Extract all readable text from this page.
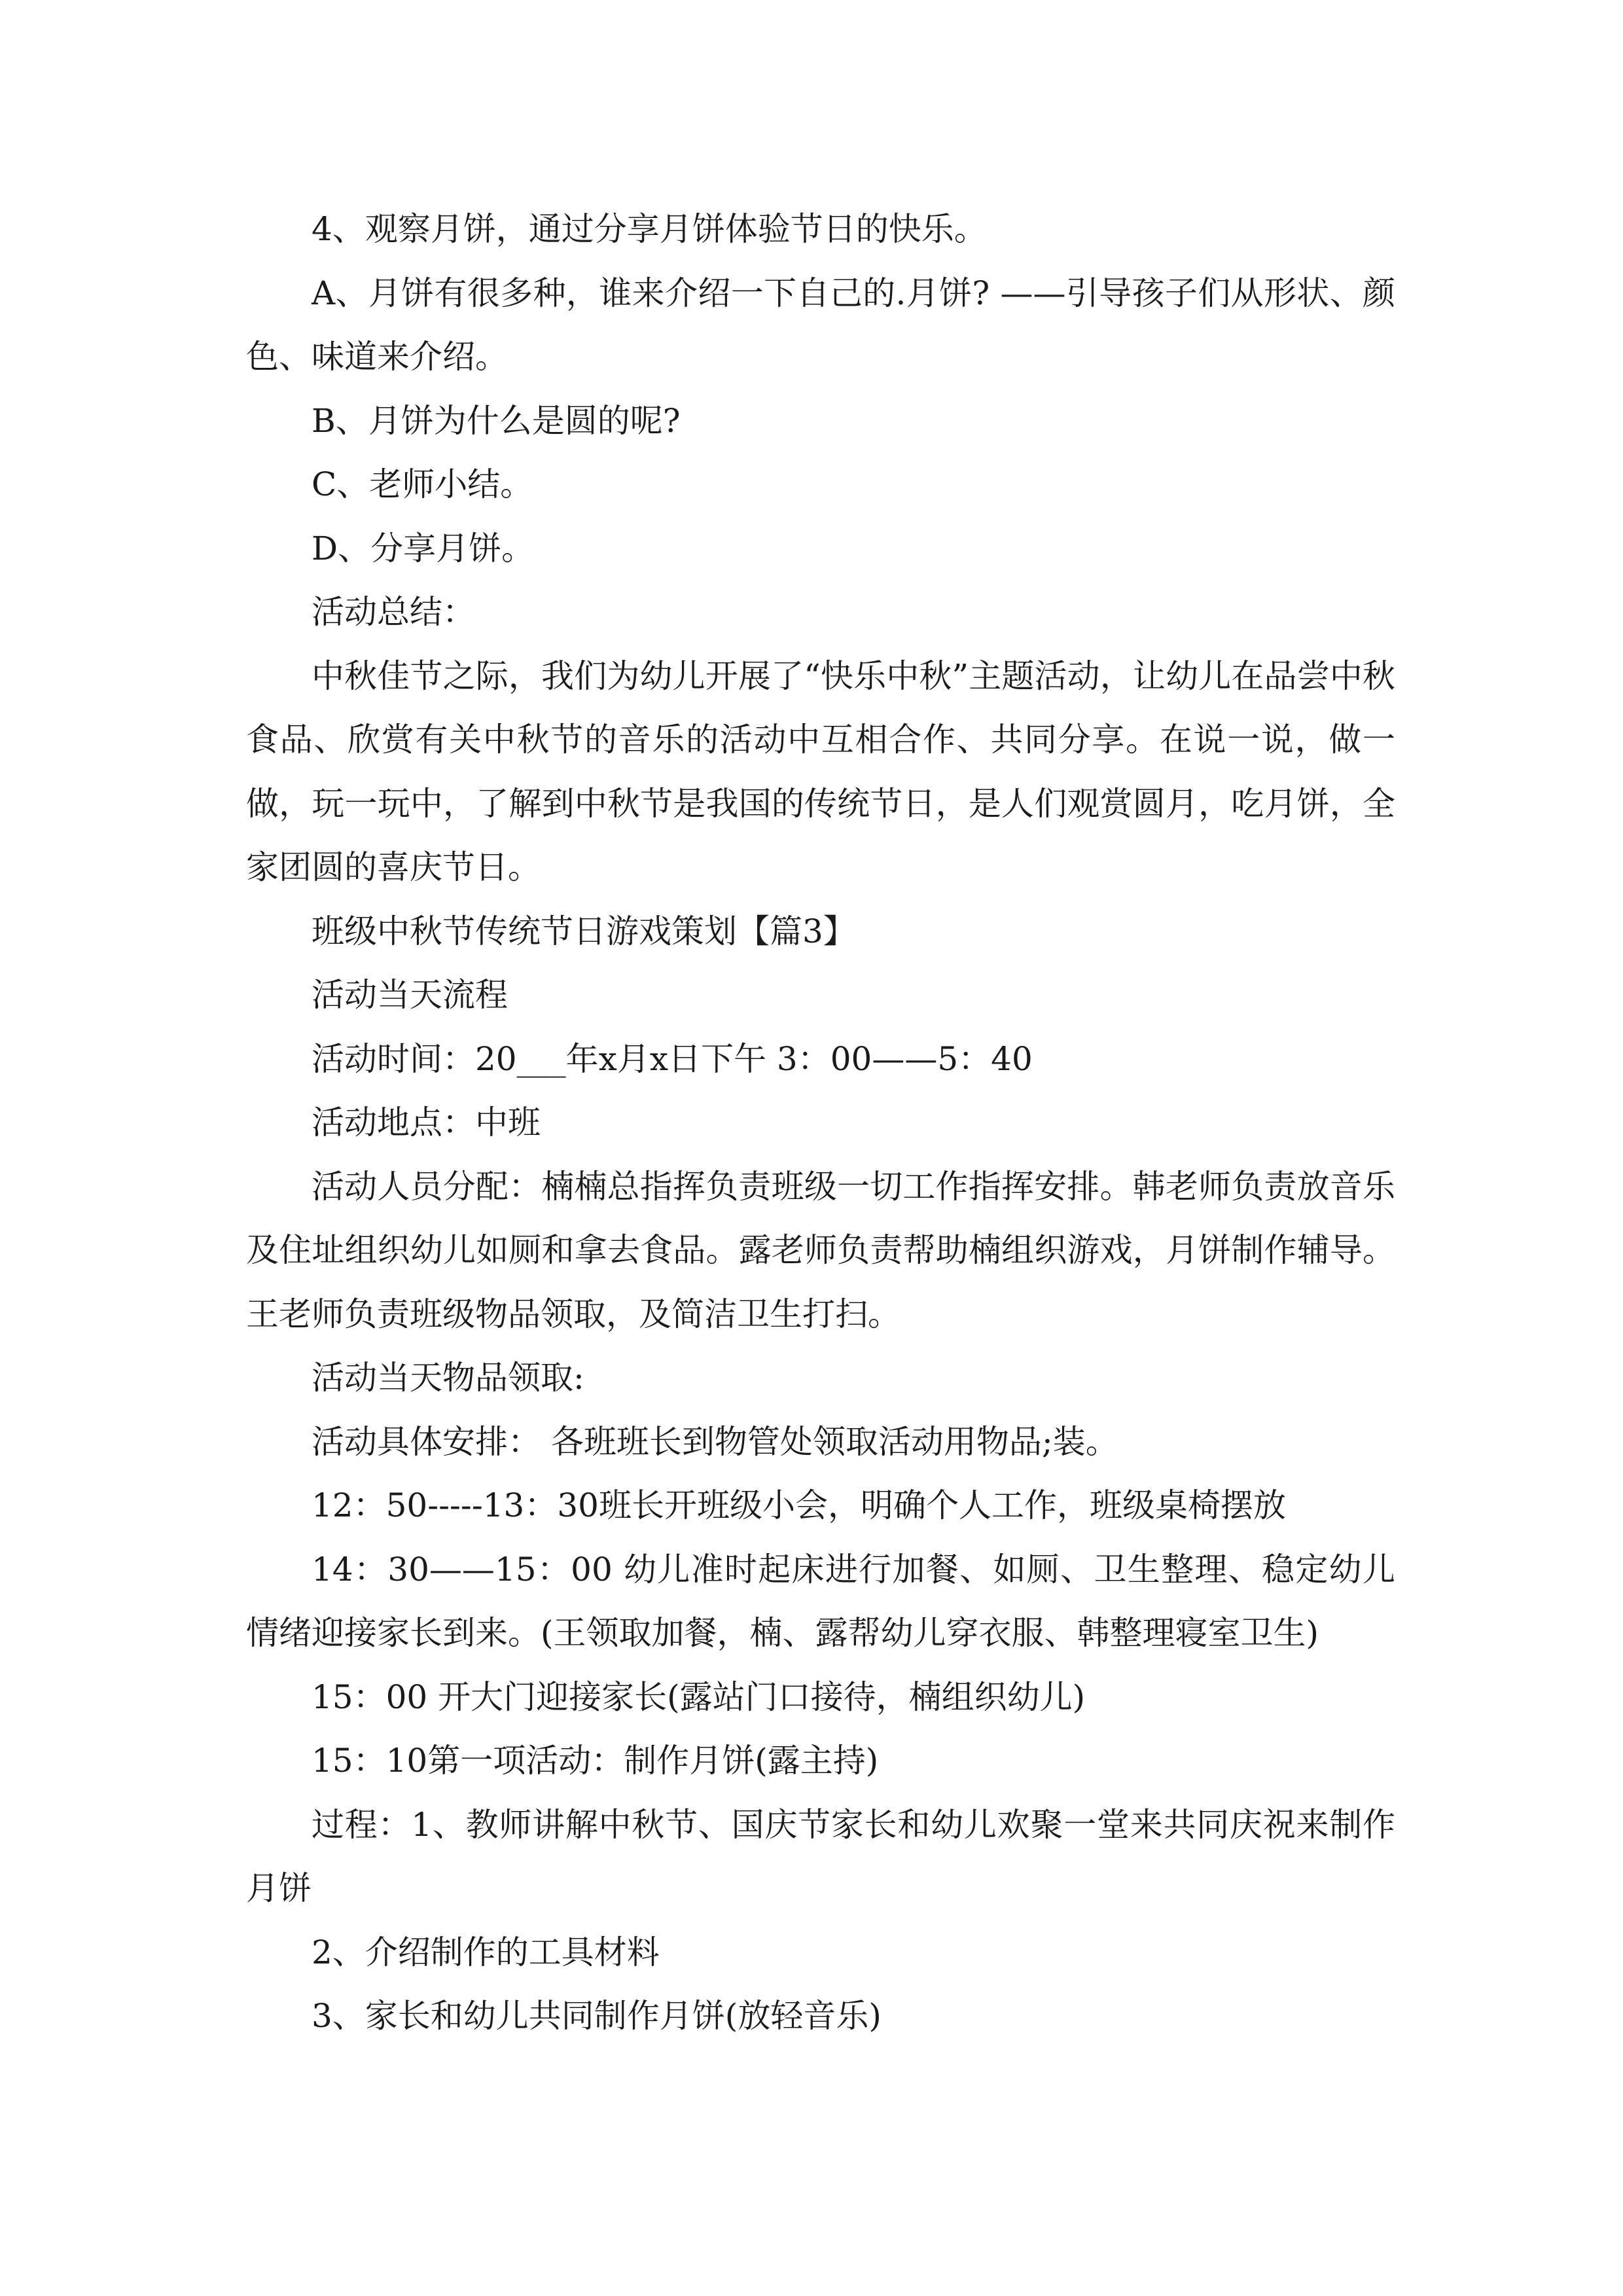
4、观察月饼，通过分享月饼体验节日的快乐。

A、月饼有很多种，谁来介绍一下自己的.月饼? ——引导孩子们从形状、颜色、味道来介绍。

B、月饼为什么是圆的呢?

C、老师小结。

D、分享月饼。

活动总结：

中秋佳节之际，我们为幼儿开展了“快乐中秋”主题活动，让幼儿在品尝中秋食品、欣赏有关中秋节的音乐的活动中互相合作、共同分享。在说一说，做一做，玩一玩中，了解到中秋节是我国的传统节日，是人们观赏圆月，吃月饼，全家团圆的喜庆节日。

班级中秋节传统节日游戏策划【篇3】

活动当天流程

活动时间：20___年x月x日下午 3：00——5：40

活动地点：中班

活动人员分配：楠楠总指挥负责班级一切工作指挥安排。韩老师负责放音乐及住址组织幼儿如厕和拿去食品。露老师负责帮助楠组织游戏，月饼制作辅导。王老师负责班级物品领取，及简洁卫生打扫。

活动当天物品领取:

活动具体安排： 各班班长到物管处领取活动用物品;装。

12：50-----13：30班长开班级小会，明确个人工作，班级桌椅摆放

14：30——15：00 幼儿准时起床进行加餐、如厕、卫生整理、稳定幼儿情绪迎接家长到来。(王领取加餐，楠、露帮幼儿穿衣服、韩整理寝室卫生)

15：00 开大门迎接家长(露站门口接待，楠组织幼儿)

15：10第一项活动：制作月饼(露主持)

过程：1、教师讲解中秋节、国庆节家长和幼儿欢聚一堂来共同庆祝来制作月饼

2、介绍制作的工具材料

3、家长和幼儿共同制作月饼(放轻音乐)
